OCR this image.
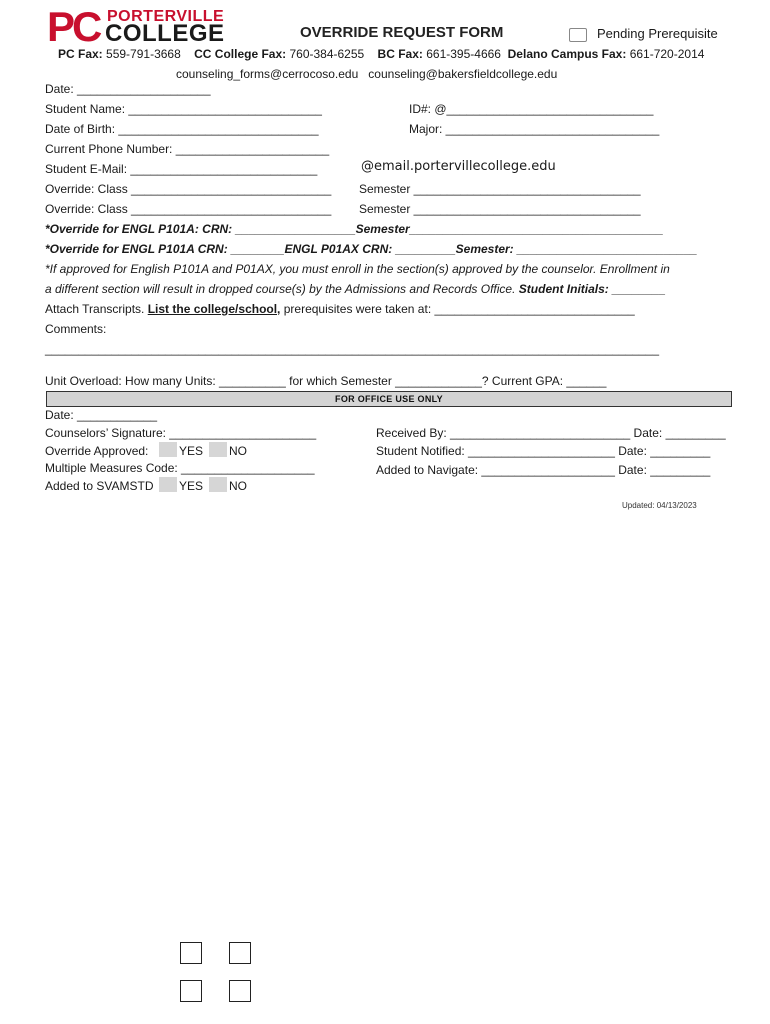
PC PORTERVILLE
COLLEGE	OVERRIDE REQUEST FORM	Pending Prerequisite
PC Fax: 559-791-3668 CC College Fax: 760-384-6255 BC Fax: 661-395-4666 Delano Campus Fax: 661-720-2014
counseling_forms@cerrocoso.edu counseling@bakersfieldcollege.edu
Date: ____________________
Student Name: _____________________________	ID#: @_______________________________
Date of Birth: ______________________________	Major: ________________________________
Current Phone Number: _______________________
Student E-Mail: ____________________________	@email.portervillecollege.edu
Override: Class ______________________________ Semester __________________________________
Override: Class ______________________________ Semester __________________________________
*Override for ENGL P101A: CRN: __________________Semester______________________________________
*Override for ENGL P101A CRN: ________ENGL P01AX CRN: _________Semester: ___________________________
*If approved for English P101A and P01AX, you must enroll in the section(s) approved by the counselor. Enrollment in
a different section will result in dropped course(s) by the Admissions and Records Office. Student Initials: ________
Attach Transcripts. List the college/school, prerequisites were taken at: ______________________________
Comments:
____________________________________________________________________________________________
Unit Overload: How many Units: __________ for which Semester _____________? Current GPA: ______
FOR OFFICE USE ONLY
Date: ____________
Counselors’ Signature: ______________________
Override Approved:	YES NO
Multiple Measures Code: ____________________
Added to SVAMSTD YES NO
Received By: ___________________________ Date: _________
Student Notified: ______________________ Date: _________
Added to Navigate: ____________________ Date: _________
Updated: 04/13/2023
